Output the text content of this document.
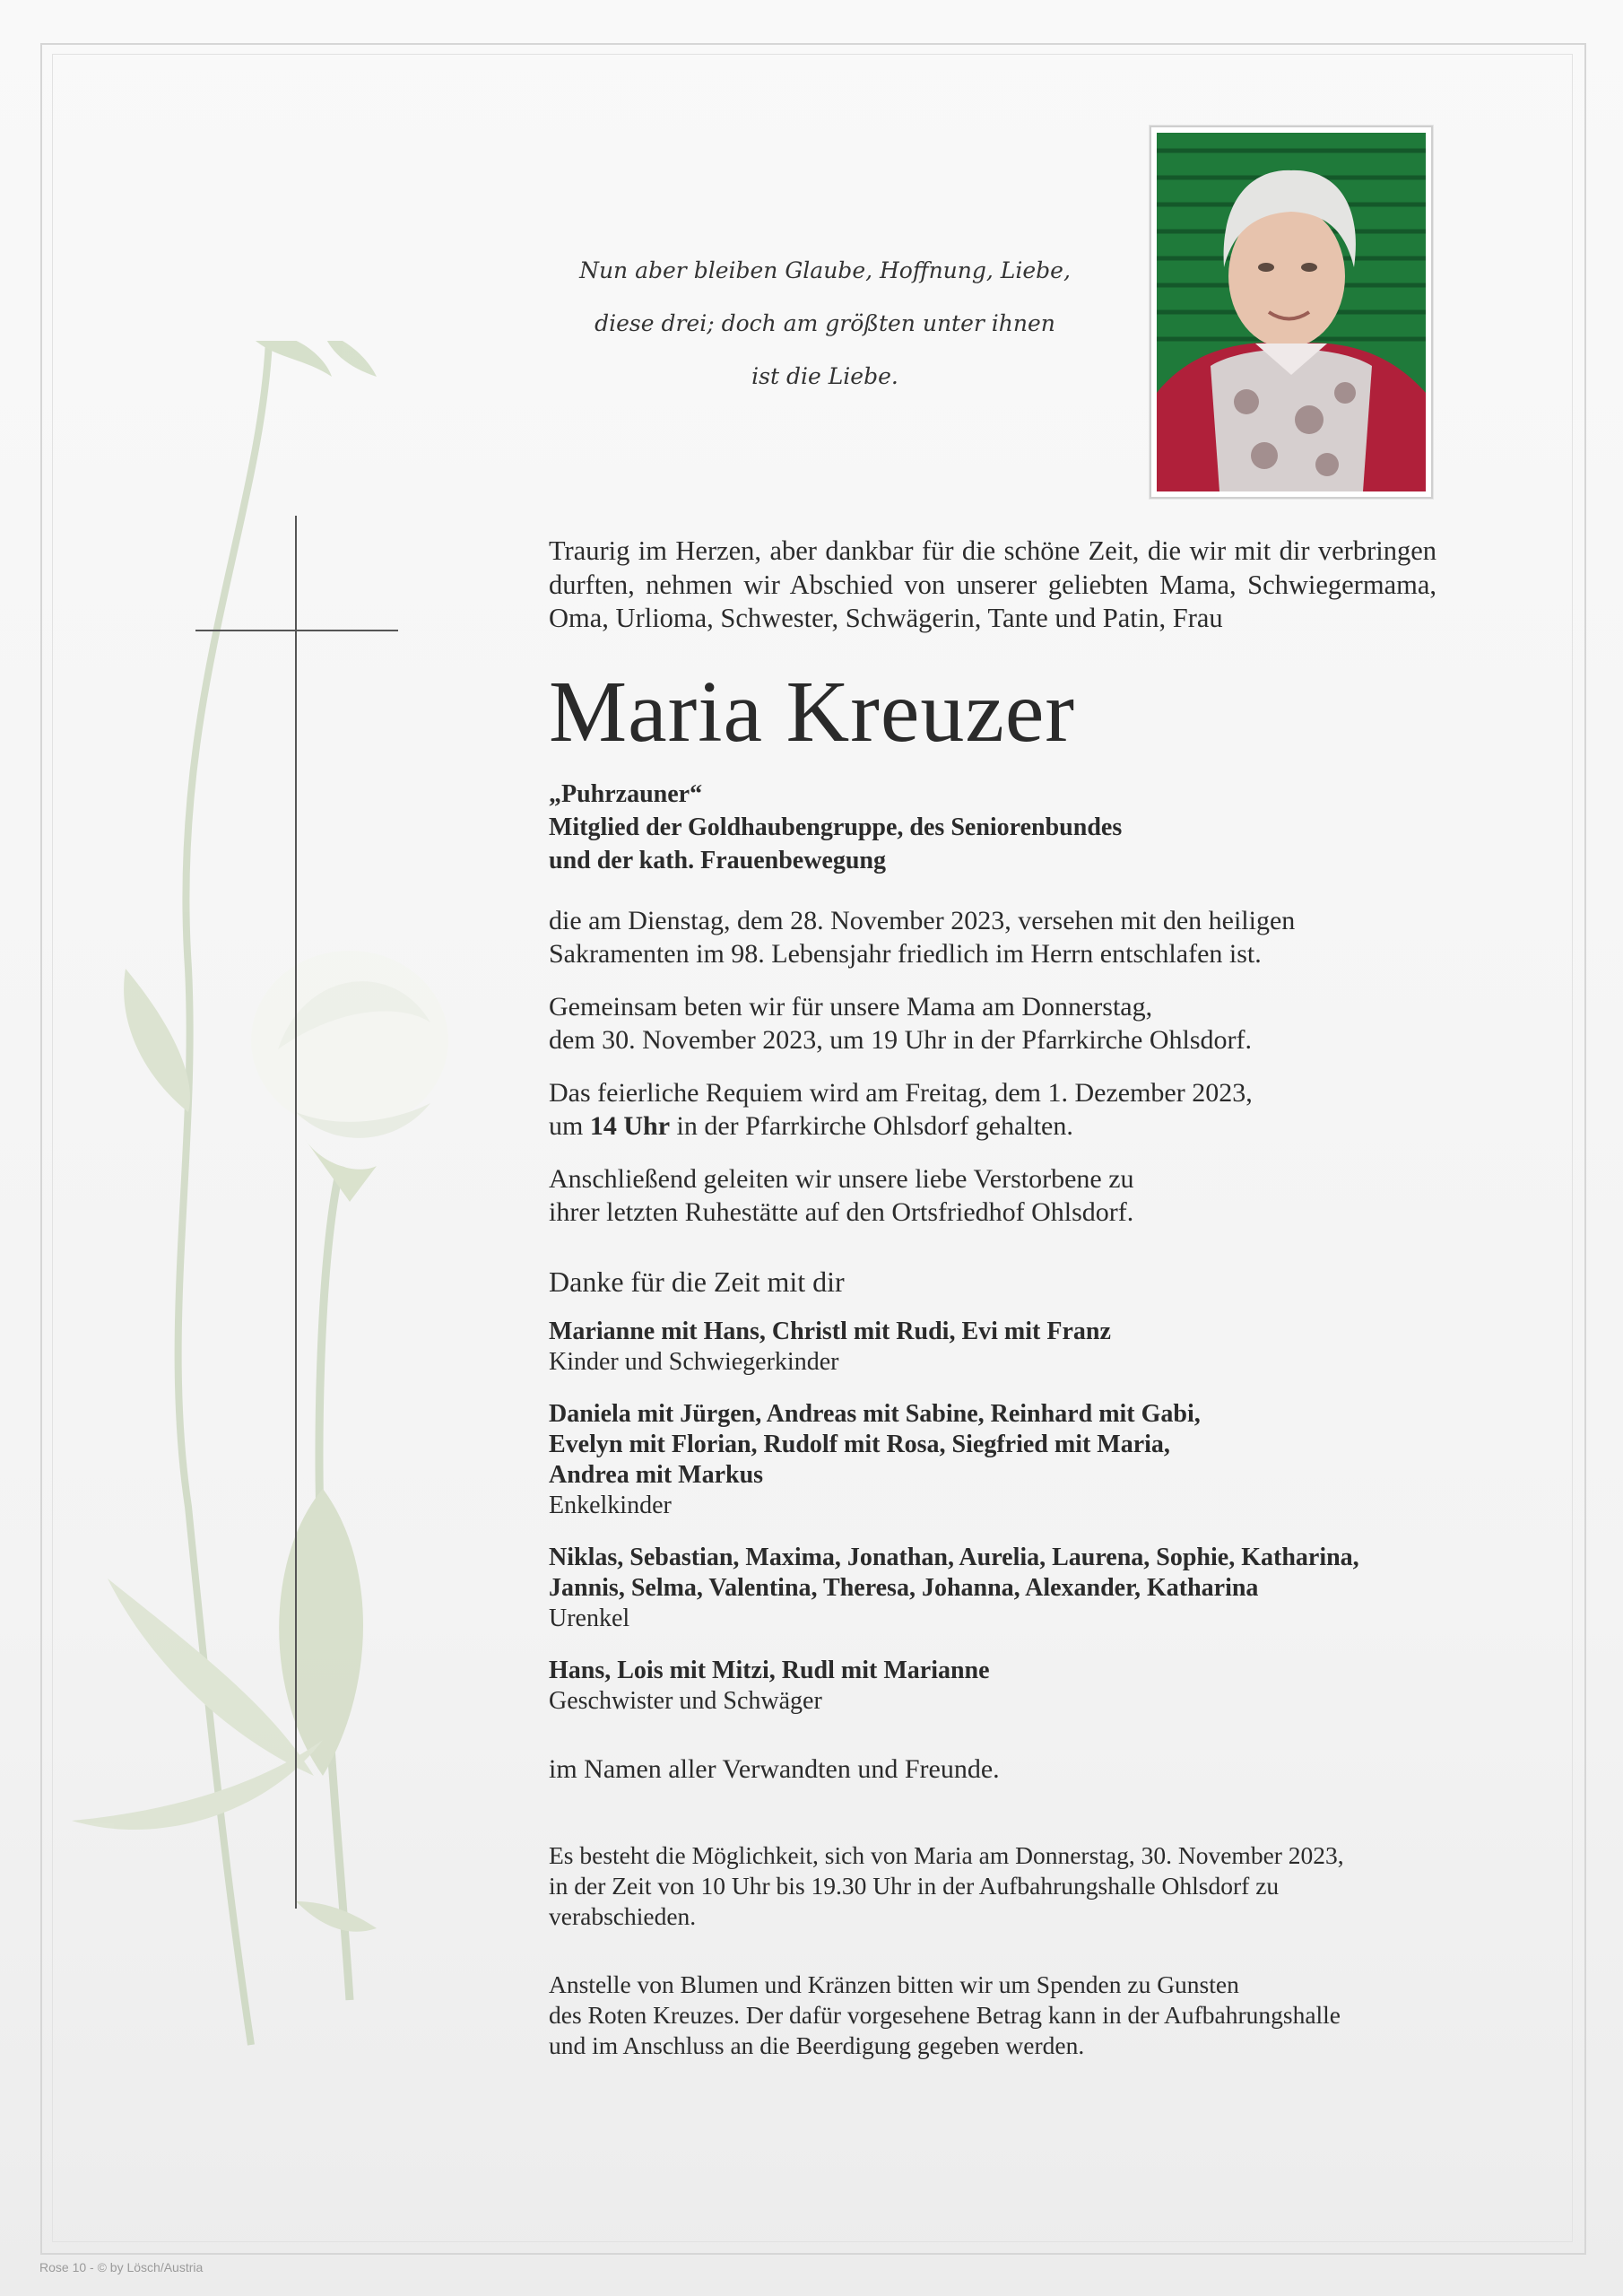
Nun aber bleiben Glaube, Hoffnung, Liebe,
diese drei; doch am größten unter ihnen
ist die Liebe.

Traurig im Herzen, aber dankbar für die schöne Zeit, die wir mit dir verbringen durften, nehmen wir Abschied von unserer geliebten Mama, Schwiegermama, Oma, Urlioma, Schwester, Schwägerin, Tante und Patin, Frau

Maria Kreuzer
„Puhrzauner“
Mitglied der Goldhaubengruppe, des Seniorenbundes
und der kath. Frauenbewegung
die am Dienstag, dem 28. November 2023, versehen mit den heiligen
Sakramenten im 98. Lebensjahr friedlich im Herrn entschlafen ist.
Gemeinsam beten wir für unsere Mama am Donnerstag,
dem 30. November 2023, um 19 Uhr in der Pfarrkirche Ohlsdorf.
Das feierliche Requiem wird am Freitag, dem 1. Dezember 2023,
um 14 Uhr in der Pfarrkirche Ohlsdorf gehalten.
Anschließend geleiten wir unsere liebe Verstorbene zu
ihrer letzten Ruhestätte auf den Ortsfriedhof Ohlsdorf.
Danke für die Zeit mit dir
Marianne mit Hans, Christl mit Rudi, Evi mit Franz
Kinder und Schwiegerkinder
Daniela mit Jürgen, Andreas mit Sabine, Reinhard mit Gabi,
Evelyn mit Florian, Rudolf mit Rosa, Siegfried mit Maria,
Andrea mit Markus
Enkelkinder
Niklas, Sebastian, Maxima, Jonathan, Aurelia, Laurena, Sophie, Katharina,
Jannis, Selma, Valentina, Theresa, Johanna, Alexander, Katharina
Urenkel
Hans, Lois mit Mitzi, Rudl mit Marianne
Geschwister und Schwäger
im Namen aller Verwandten und Freunde.
Es besteht die Möglichkeit, sich von Maria am Donnerstag, 30. November 2023,
in der Zeit von 10 Uhr bis 19.30 Uhr in der Aufbahrungshalle Ohlsdorf zu
verabschieden.
Anstelle von Blumen und Kränzen bitten wir um Spenden zu Gunsten
des Roten Kreuzes. Der dafür vorgesehene Betrag kann in der Aufbahrungshalle
und im Anschluss an die Beerdigung gegeben werden.
Rose 10 - © by Lösch/Austria
